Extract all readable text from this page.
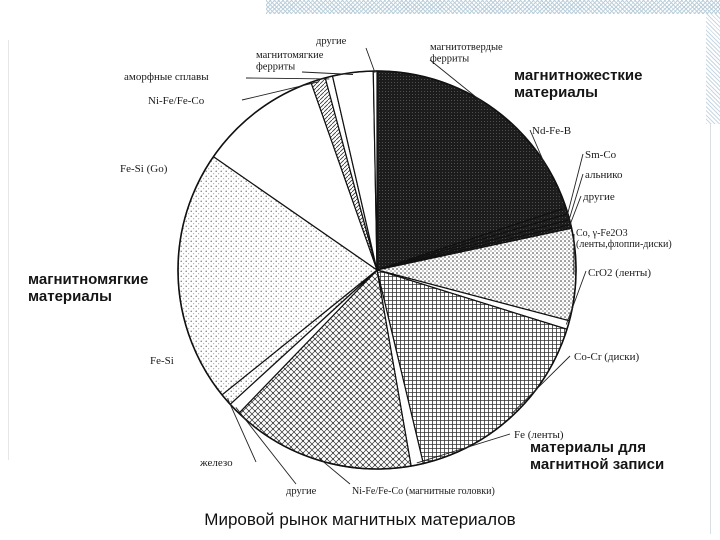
магнитотвердые ферриты
Nd-Fe-B
Sm-Co
альнико
другие
Co, γ-Fe2O3 (ленты,флоппи-диски)
CrO2 (ленты)
Co-Cr (диски)
Fe (ленты)
Ni-Fe/Fe-Co (магнитные головки)
другие
железо
Fe-Si
Fe-Si (Go)
Ni-Fe/Fe-Co
аморфные сплавы
магнитомягкие ферриты
другие
магнитножесткие материалы
материалы для магнитной записи
магнитномягкие материалы
Мировой рынок магнитных материалов
